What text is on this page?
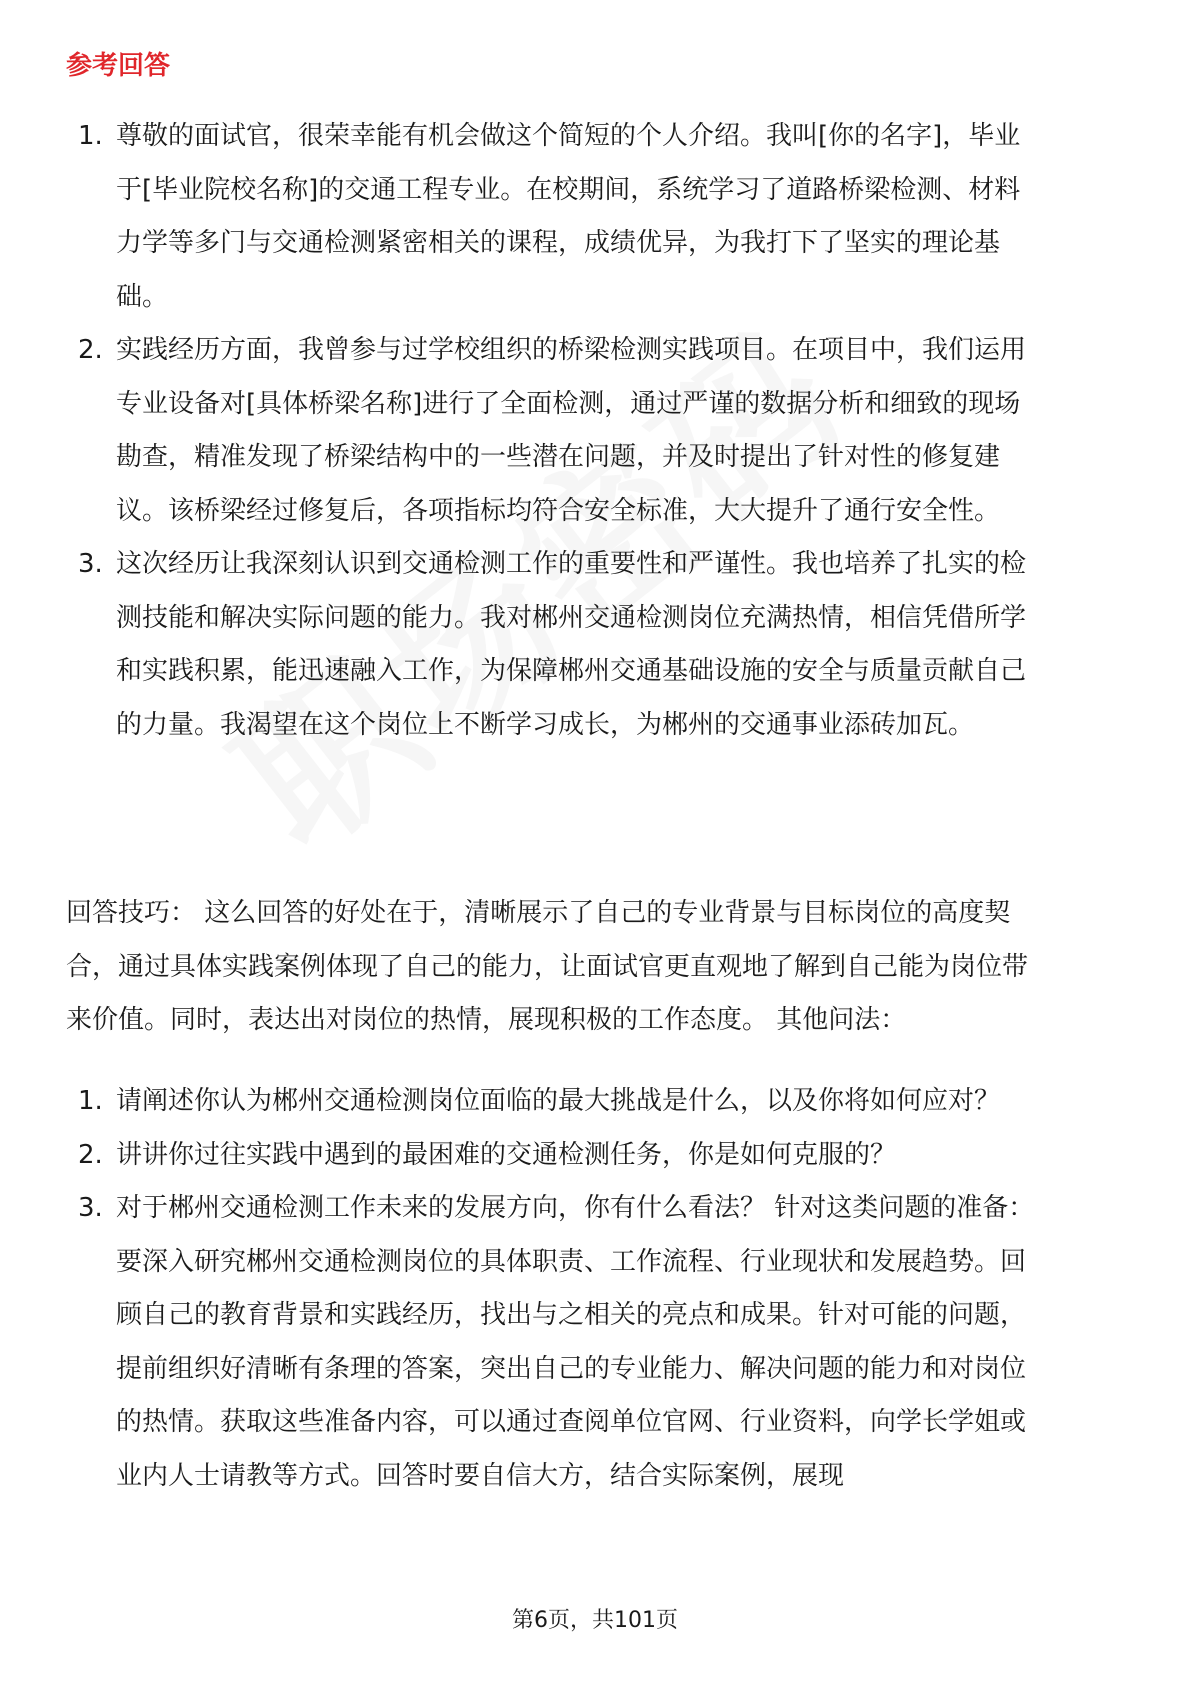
参考回答
1. 尊敬的面试官，很荣幸能有机会做这个简短的个人介绍。我叫[你的名字]，毕业于[毕业院校名称]的交通工程专业。在校期间，系统学习了道路桥梁检测、材料力学等多门与交通检测紧密相关的课程，成绩优异，为我打下了坚实的理论基础。
2. 实践经历方面，我曾参与过学校组织的桥梁检测实践项目。在项目中，我们运用专业设备对[具体桥梁名称]进行了全面检测，通过严谨的数据分析和细致的现场勘查，精准发现了桥梁结构中的一些潜在问题，并及时提出了针对性的修复建议。该桥梁经过修复后，各项指标均符合安全标准，大大提升了通行安全性。
3. 这次经历让我深刻认识到交通检测工作的重要性和严谨性。我也培养了扎实的检测技能和解决实际问题的能力。我对郴州交通检测岗位充满热情，相信凭借所学和实践积累，能迅速融入工作，为保障郴州交通基础设施的安全与质量贡献自己的力量。我渴望在这个岗位上不断学习成长，为郴州的交通事业添砖加瓦。

回答技巧： 这么回答的好处在于，清晰展示了自己的专业背景与目标岗位的高度契合，通过具体实践案例体现了自己的能力，让面试官更直观地了解到自己能为岗位带来价值。同时，表达出对岗位的热情，展现积极的工作态度。 其他问法：

1. 请阐述你认为郴州交通检测岗位面临的最大挑战是什么，以及你将如何应对？
2. 讲讲你过往实践中遇到的最困难的交通检测任务，你是如何克服的？
3. 对于郴州交通检测工作未来的发展方向，你有什么看法？ 针对这类问题的准备： 要深入研究郴州交通检测岗位的具体职责、工作流程、行业现状和发展趋势。回顾自己的教育背景和实践经历，找出与之相关的亮点和成果。针对可能的问题，提前组织好清晰有条理的答案，突出自己的专业能力、解决问题的能力和对岗位的热情。获取这些准备内容，可以通过查阅单位官网、行业资料，向学长学姐或业内人士请教等方式。回答时要自信大方，结合实际案例，展现
第6页，共101页
